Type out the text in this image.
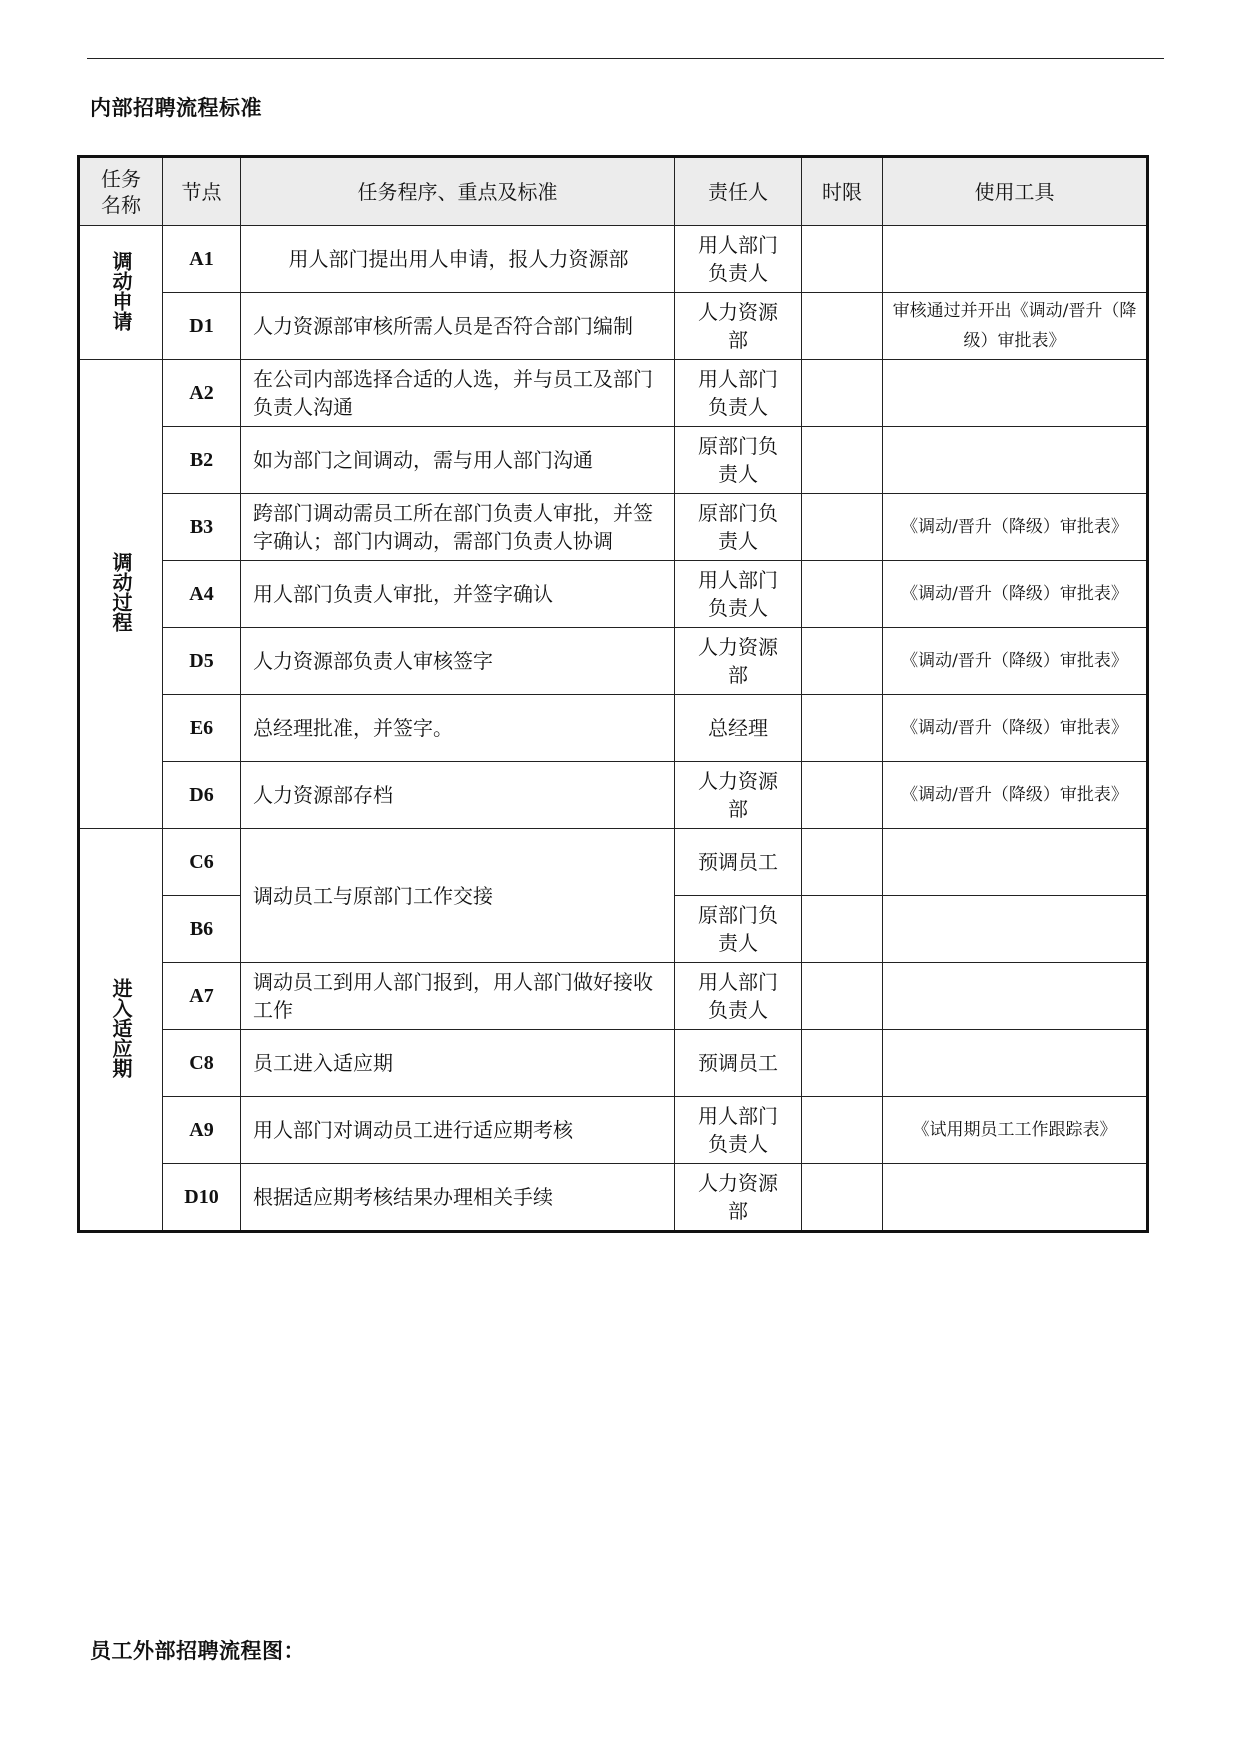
内部招聘流程标准
任务
名称	节点	任务程序、重点及标准	责任人	时限	使用工具
调动申请	A1	用人部门提出用人申请，报人力资源部	用人部门负责人		
	D1	人力资源部审核所需人员是否符合部门编制	人力资源部		审核通过并开出《调动/晋升（降级）审批表》
调动过程	A2	在公司内部选择合适的人选，并与员工及部门负责人沟通	用人部门负责人		
	B2	如为部门之间调动，需与用人部门沟通	原部门负责人		
	B3	跨部门调动需员工所在部门负责人审批，并签字确认；部门内调动，需部门负责人协调	原部门负责人		《调动/晋升（降级）审批表》
	A4	用人部门负责人审批，并签字确认	用人部门负责人		《调动/晋升（降级）审批表》
	D5	人力资源部负责人审核签字	人力资源部		《调动/晋升（降级）审批表》
	E6	总经理批准，并签字。	总经理		《调动/晋升（降级）审批表》
	D6	人力资源部存档	人力资源部		《调动/晋升（降级）审批表》
进入适应期	C6	调动员工与原部门工作交接	预调员工		
	B6		原部门负责人		
	A7	调动员工到用人部门报到，用人部门做好接收工作	用人部门负责人		
	C8	员工进入适应期	预调员工		
	A9	用人部门对调动员工进行适应期考核	用人部门负责人		《试用期员工工作跟踪表》
	D10	根据适应期考核结果办理相关手续	人力资源部		
员工外部招聘流程图：
